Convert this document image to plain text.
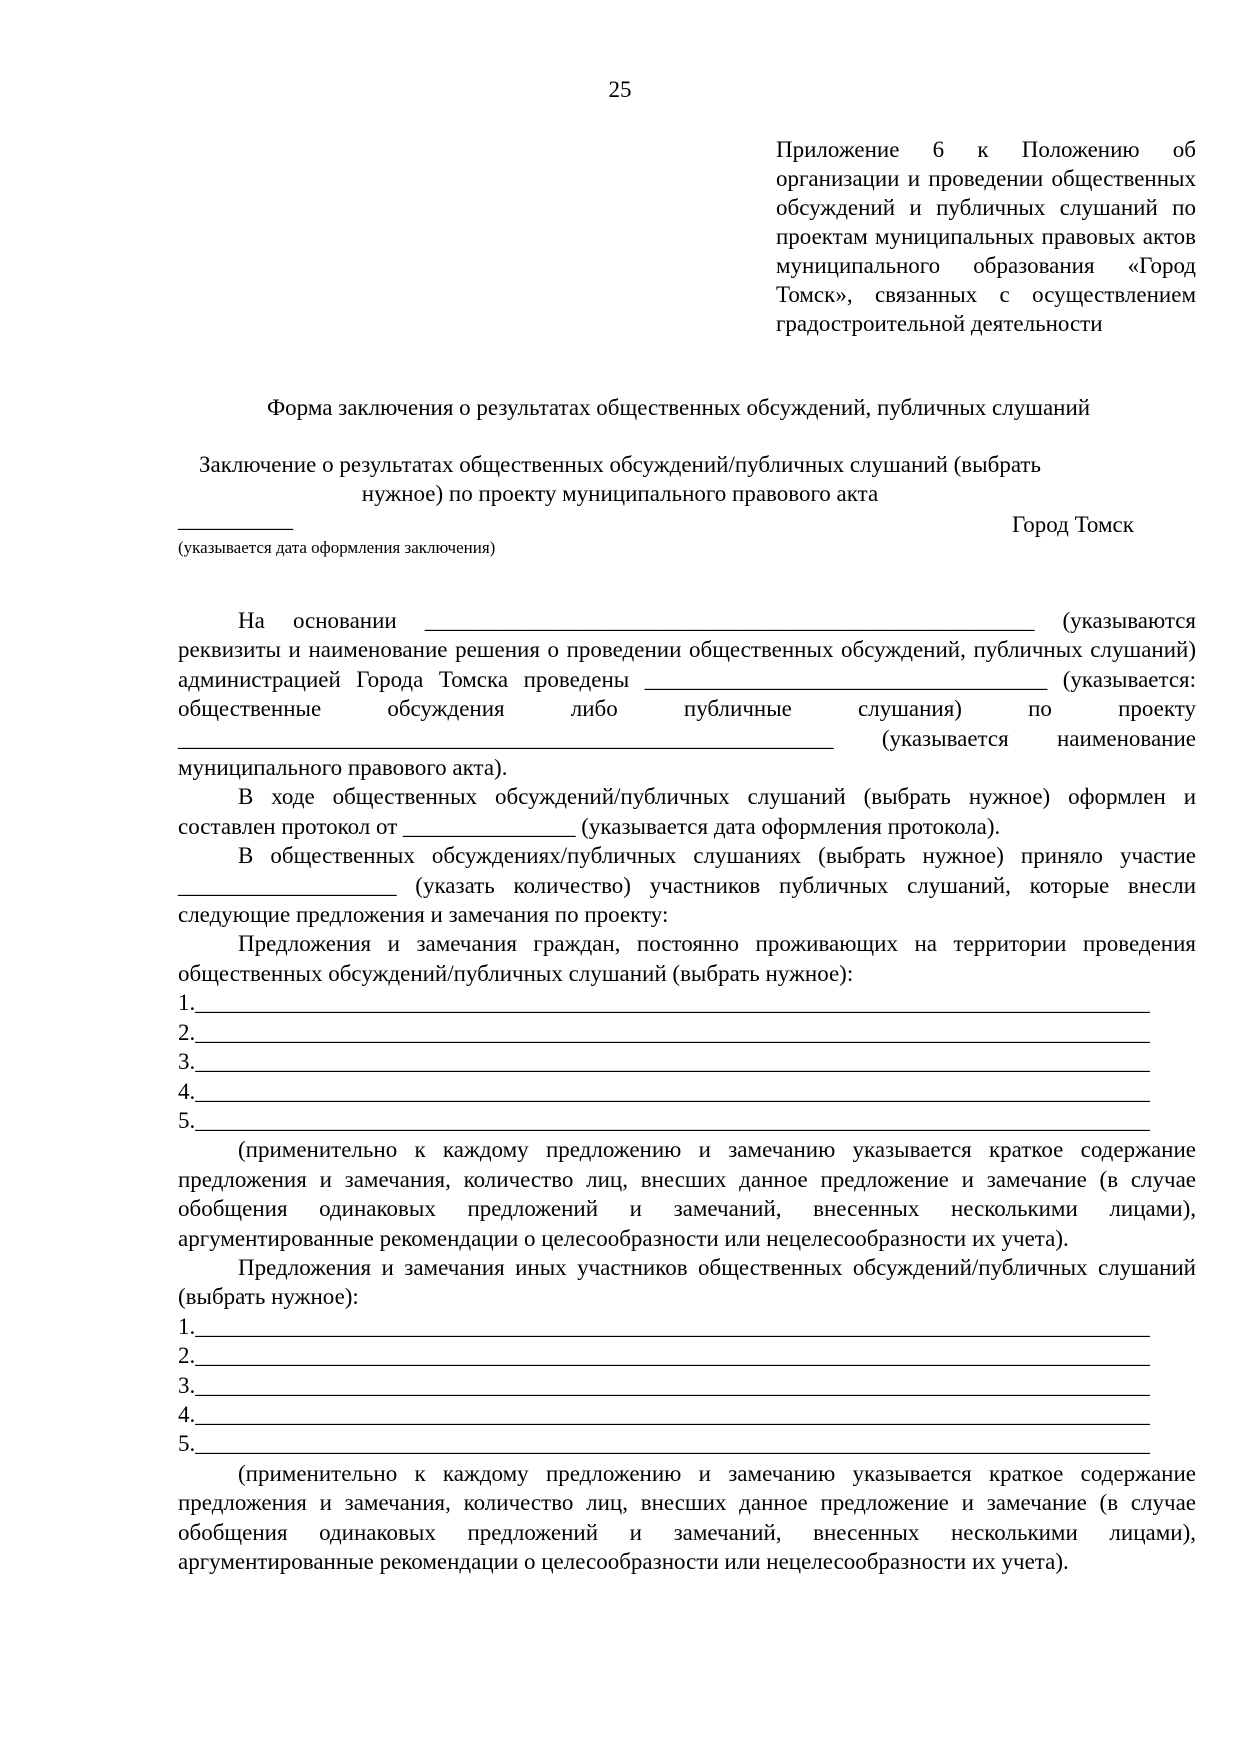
25
Приложение 6 к Положению об организации и проведении общественных обсуждений и публичных слушаний по проектам муниципальных правовых актов муниципального образования «Город Томск», связанных с осуществлением градостроительной деятельности
Форма заключения о результатах общественных обсуждений, публичных слушаний
Заключение о результатах общественных обсуждений/публичных слушаний (выбрать
нужное) по проекту муниципального правового акта
Город Томск
__________
(указывается дата оформления заключения)
На основании _____________________________________________________ (указываются реквизиты и наименование решения о проведении общественных обсуждений, публичных слушаний) администрацией Города Томска проведены ___________________________________ (указывается: общественные обсуждения либо публичные слушания) по проекту _________________________________________________________ (указывается наименование муниципального правового акта).
В ходе общественных обсуждений/публичных слушаний (выбрать нужное) оформлен и составлен протокол от _______________ (указывается дата оформления протокола).
В общественных обсуждениях/публичных слушаниях (выбрать нужное) приняло участие ___________________ (указать количество) участников публичных слушаний, которые внесли следующие предложения и замечания по проекту:
Предложения и замечания граждан, постоянно проживающих на территории проведения общественных обсуждений/публичных слушаний (выбрать нужное):
1.___________________________________________________________________________________
2.___________________________________________________________________________________
3.___________________________________________________________________________________
4.___________________________________________________________________________________
5.___________________________________________________________________________________
(применительно к каждому предложению и замечанию указывается краткое содержание предложения и замечания, количество лиц, внесших данное предложение и замечание (в случае обобщения одинаковых предложений и замечаний, внесенных несколькими лицами), аргументированные рекомендации о целесообразности или нецелесообразности их учета).
Предложения и замечания иных участников общественных обсуждений/публичных слушаний (выбрать нужное):
1.___________________________________________________________________________________
2.___________________________________________________________________________________
3.___________________________________________________________________________________
4.___________________________________________________________________________________
5.___________________________________________________________________________________
(применительно к каждому предложению и замечанию указывается краткое содержание предложения и замечания, количество лиц, внесших данное предложение и замечание (в случае обобщения одинаковых предложений и замечаний, внесенных несколькими лицами), аргументированные рекомендации о целесообразности или нецелесообразности их учета).
